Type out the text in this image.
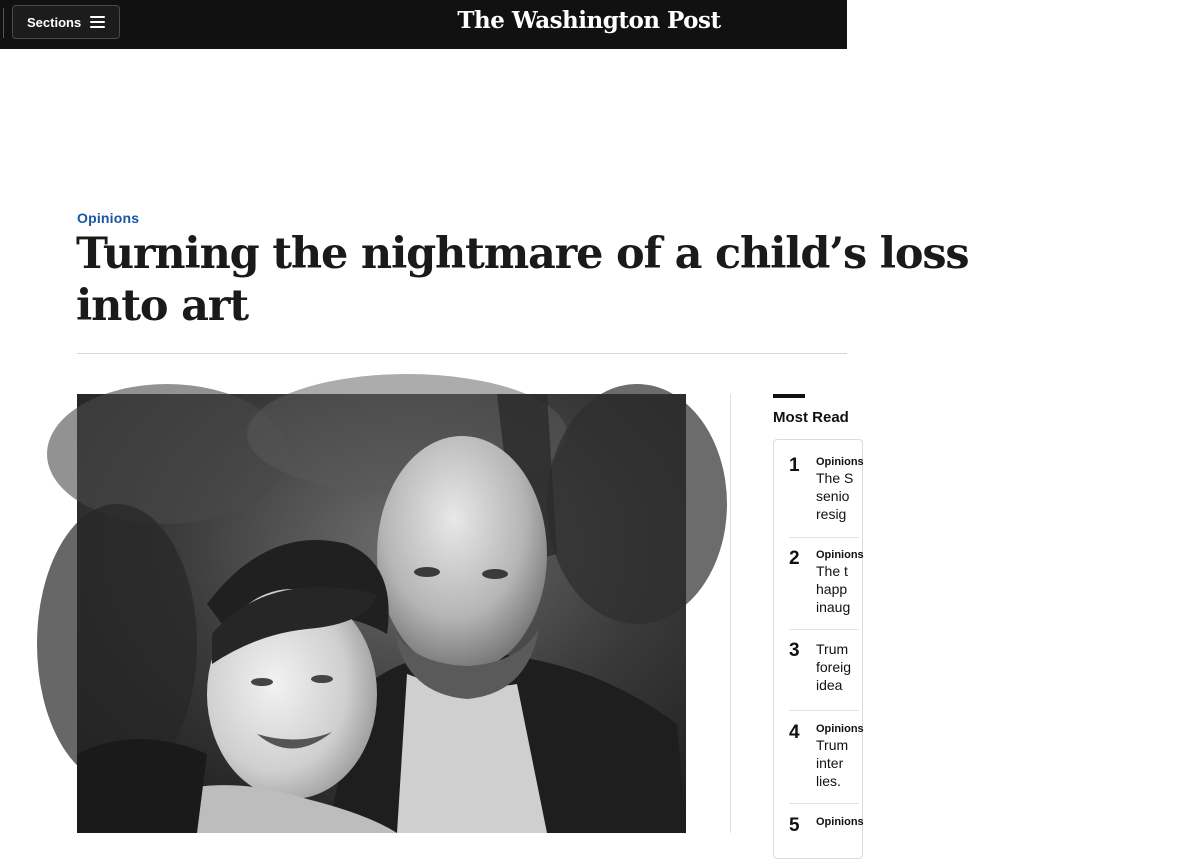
Sections	The Washington Post
Opinions
Turning the nightmare of a child’s loss
into art
Most Read
1 Opinions
The S
senio
resig
2 Opinions
The t
happ
inaug
3 Trum
foreig
idea
4 Opinions
Trum
inter
lies.
5 Opinions
